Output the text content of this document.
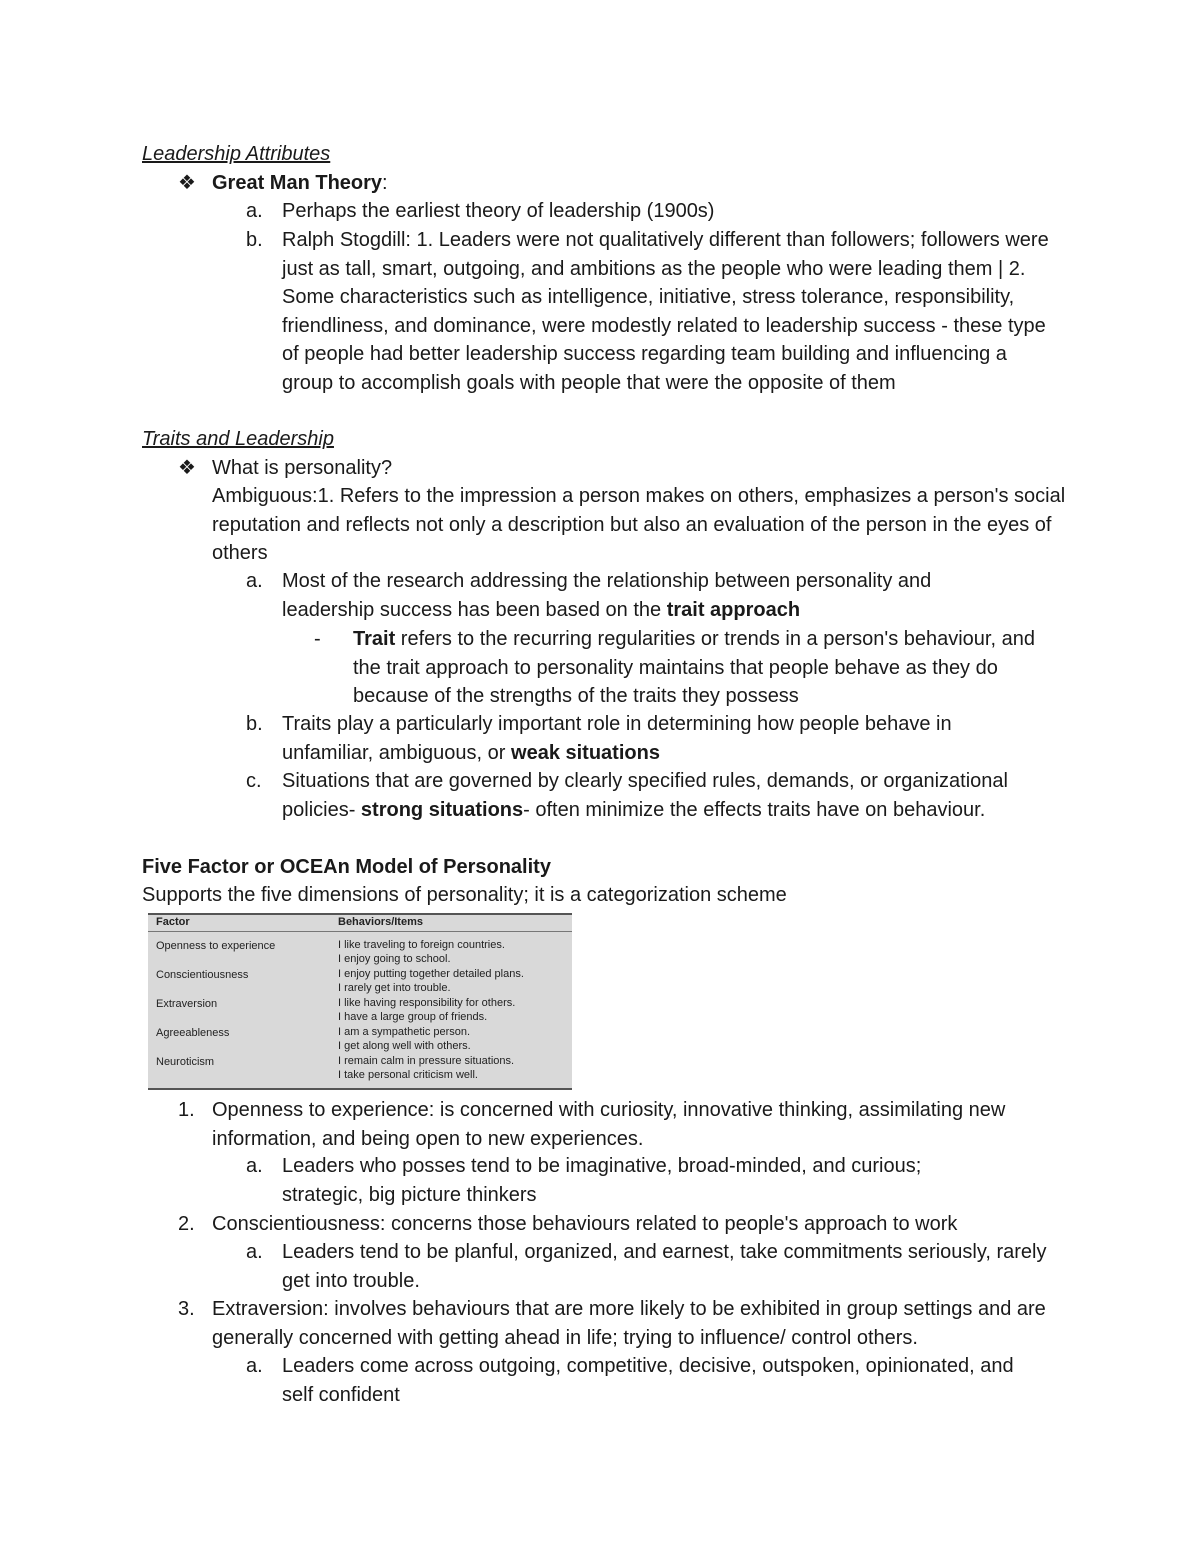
Leadership Attributes
❖ Great Man Theory:
a. Perhaps the earliest theory of leadership (1900s)
b. Ralph Stogdill: 1. Leaders were not qualitatively different than followers; followers were just as tall, smart, outgoing, and ambitions as the people who were leading them | 2. Some characteristics such as intelligence, initiative, stress tolerance, responsibility, friendliness, and dominance, were modestly related to leadership success - these type of people had better leadership success regarding team building and influencing a group to accomplish goals with people that were the opposite of them
Traits and Leadership
❖ What is personality?
Ambiguous:1. Refers to the impression a person makes on others, emphasizes a person's social reputation and reflects not only a description but also an evaluation of the person in the eyes of others
a. Most of the research addressing the relationship between personality and leadership success has been based on the trait approach
-	Trait refers to the recurring regularities or trends in a person's behaviour, and the trait approach to personality maintains that people behave as they do because of the strengths of the traits they possess
b. Traits play a particularly important role in determining how people behave in unfamiliar, ambiguous, or weak situations
c.	Situations that are governed by clearly specified rules, demands, or organizational policies- strong situations- often minimize the effects traits have on behaviour.
Five Factor or OCEAn Model of Personality
Supports the five dimensions of personality; it is a categorization scheme
Factor	Behaviors/Items
Openness to experience	I like traveling to foreign countries.
I enjoy going to school.
Conscientiousness	I enjoy putting together detailed plans.
I rarely get into trouble.
Extraversion	I like having responsibility for others.
I have a large group of friends.
Agreeableness	I am a sympathetic person.
I get along well with others.
Neuroticism	I remain calm in pressure situations.
I take personal criticism well.
1. Openness to experience: is concerned with curiosity, innovative thinking, assimilating new information, and being open to new experiences.
a. Leaders who posses tend to be imaginative, broad-minded, and curious; strategic, big picture thinkers
2. Conscientiousness: concerns those behaviours related to people's approach to work
a. Leaders tend to be planful, organized, and earnest, take commitments seriously, rarely get into trouble.
3. Extraversion: involves behaviours that are more likely to be exhibited in group settings and are generally concerned with getting ahead in life; trying to influence/ control others.
a. Leaders come across outgoing, competitive, decisive, outspoken, opinionated, and self confident
